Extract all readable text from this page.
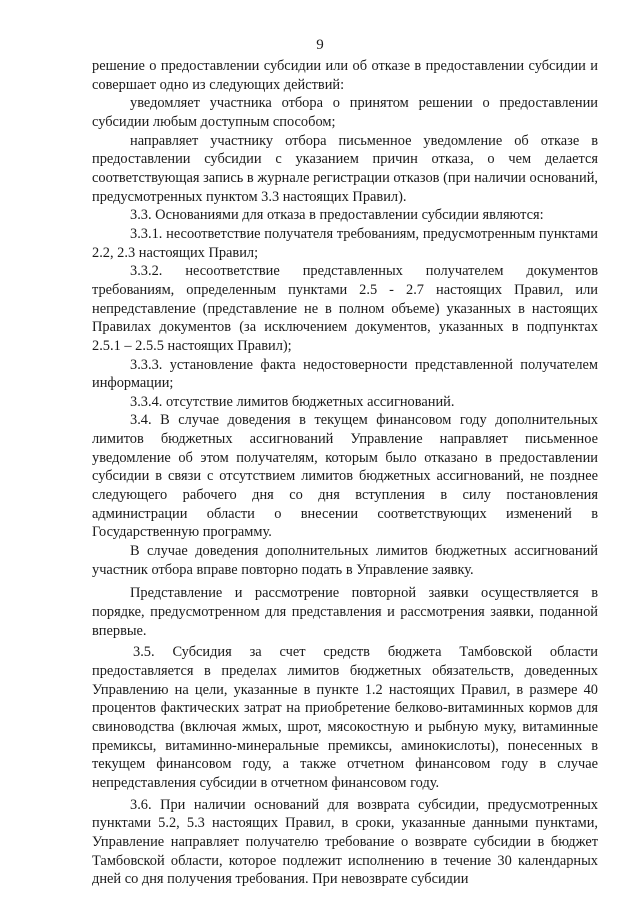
9

решение о предоставлении субсидии или об отказе в предоставлении субсидии и совершает одно из следующих действий:

уведомляет участника отбора о принятом решении о предоставлении субсидии любым доступным способом;

направляет участнику отбора письменное уведомление об отказе в предоставлении субсидии с указанием причин отказа, о чем делается соответствующая запись в журнале регистрации отказов (при наличии оснований, предусмотренных пунктом 3.3 настоящих Правил).

3.3. Основаниями для отказа в предоставлении субсидии являются:

3.3.1. несоответствие получателя требованиям, предусмотренным пунктами 2.2, 2.3 настоящих Правил;

3.3.2. несоответствие представленных получателем документов требованиям, определенным пунктами 2.5 - 2.7 настоящих Правил, или непредставление (представление не в полном объеме) указанных в настоящих Правилах документов (за исключением документов, указанных в подпунктах 2.5.1 – 2.5.5 настоящих Правил);

3.3.3. установление факта недостоверности представленной получателем информации;

3.3.4. отсутствие лимитов бюджетных ассигнований.

3.4. В случае доведения в текущем финансовом году дополнительных лимитов бюджетных ассигнований Управление направляет письменное уведомление об этом получателям, которым было отказано в предоставлении субсидии в связи с отсутствием лимитов бюджетных ассигнований, не позднее следующего рабочего дня со дня вступления в силу постановления администрации области о внесении соответствующих изменений в Государственную программу.

В случае доведения дополнительных лимитов бюджетных ассигнований участник отбора вправе повторно подать в Управление заявку.

Представление и рассмотрение повторной заявки осуществляется в порядке, предусмотренном для представления и рассмотрения заявки, поданной впервые.

3.5. Субсидия за счет средств бюджета Тамбовской области предоставляется в пределах лимитов бюджетных обязательств, доведенных Управлению на цели, указанные в пункте 1.2 настоящих Правил, в размере 40 процентов фактических затрат на приобретение белково-витаминных кормов для свиноводства (включая жмых, шрот, мясокостную и рыбную муку, витаминные премиксы, витаминно-минеральные премиксы, аминокислоты), понесенных в текущем финансовом году, а также отчетном финансовом году в случае непредставления субсидии в отчетном финансовом году.

3.6. При наличии оснований для возврата субсидии, предусмотренных пунктами 5.2, 5.3 настоящих Правил, в сроки, указанные данными пунктами, Управление направляет получателю требование о возврате субсидии в бюджет Тамбовской области, которое подлежит исполнению в течение 30 календарных дней со дня получения требования. При невозврате субсидии
